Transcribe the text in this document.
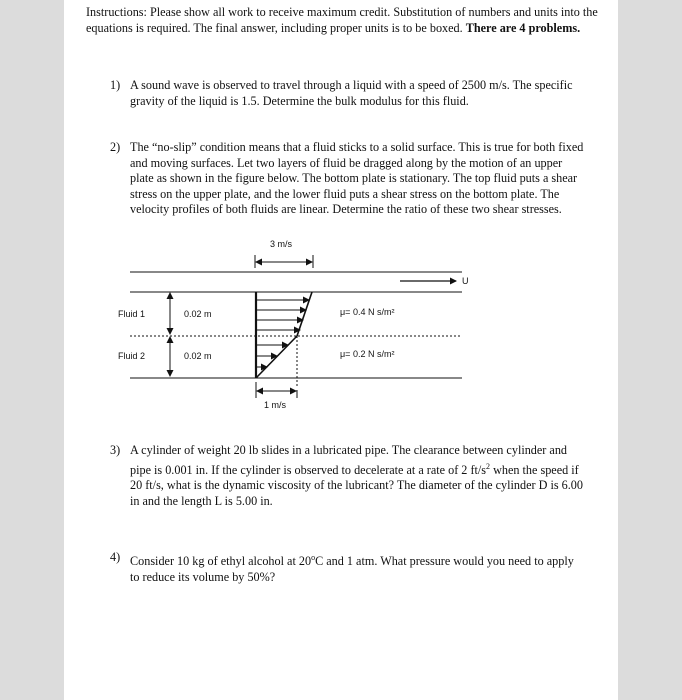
Instructions: Please show all work to receive maximum credit. Substitution of numbers and units into the equations is required. The final answer, including proper units is to be boxed. There are 4 problems.
1) A sound wave is observed to travel through a liquid with a speed of 2500 m/s. The specific gravity of the liquid is 1.5. Determine the bulk modulus for this fluid.
2) The “no-slip” condition means that a fluid sticks to a solid surface. This is true for both fixed and moving surfaces. Let two layers of fluid be dragged along by the motion of an upper plate as shown in the figure below. The bottom plate is stationary. The top fluid puts a shear stress on the upper plate, and the lower fluid puts a shear stress on the bottom plate. The velocity profiles of both fluids are linear. Determine the ratio of these two shear stresses.
3 m/s
U
Fluid 1
Fluid 2
0.02 m
0.02 m
μ= 0.4 N s/m²
μ= 0.2 N s/m²
1 m/s
3) A cylinder of weight 20 lb slides in a lubricated pipe. The clearance between cylinder and pipe is 0.001 in. If the cylinder is observed to decelerate at a rate of 2 $ft/s^2$ when the speed if 20 ft/s, what is the dynamic viscosity of the lubricant? The diameter of the cylinder D is 6.00 in and the length L is 5.00 in.
4) Consider 10 kg of ethyl alcohol at 20$^o$C and 1 atm. What pressure would you need to apply to reduce its volume by 50%?
